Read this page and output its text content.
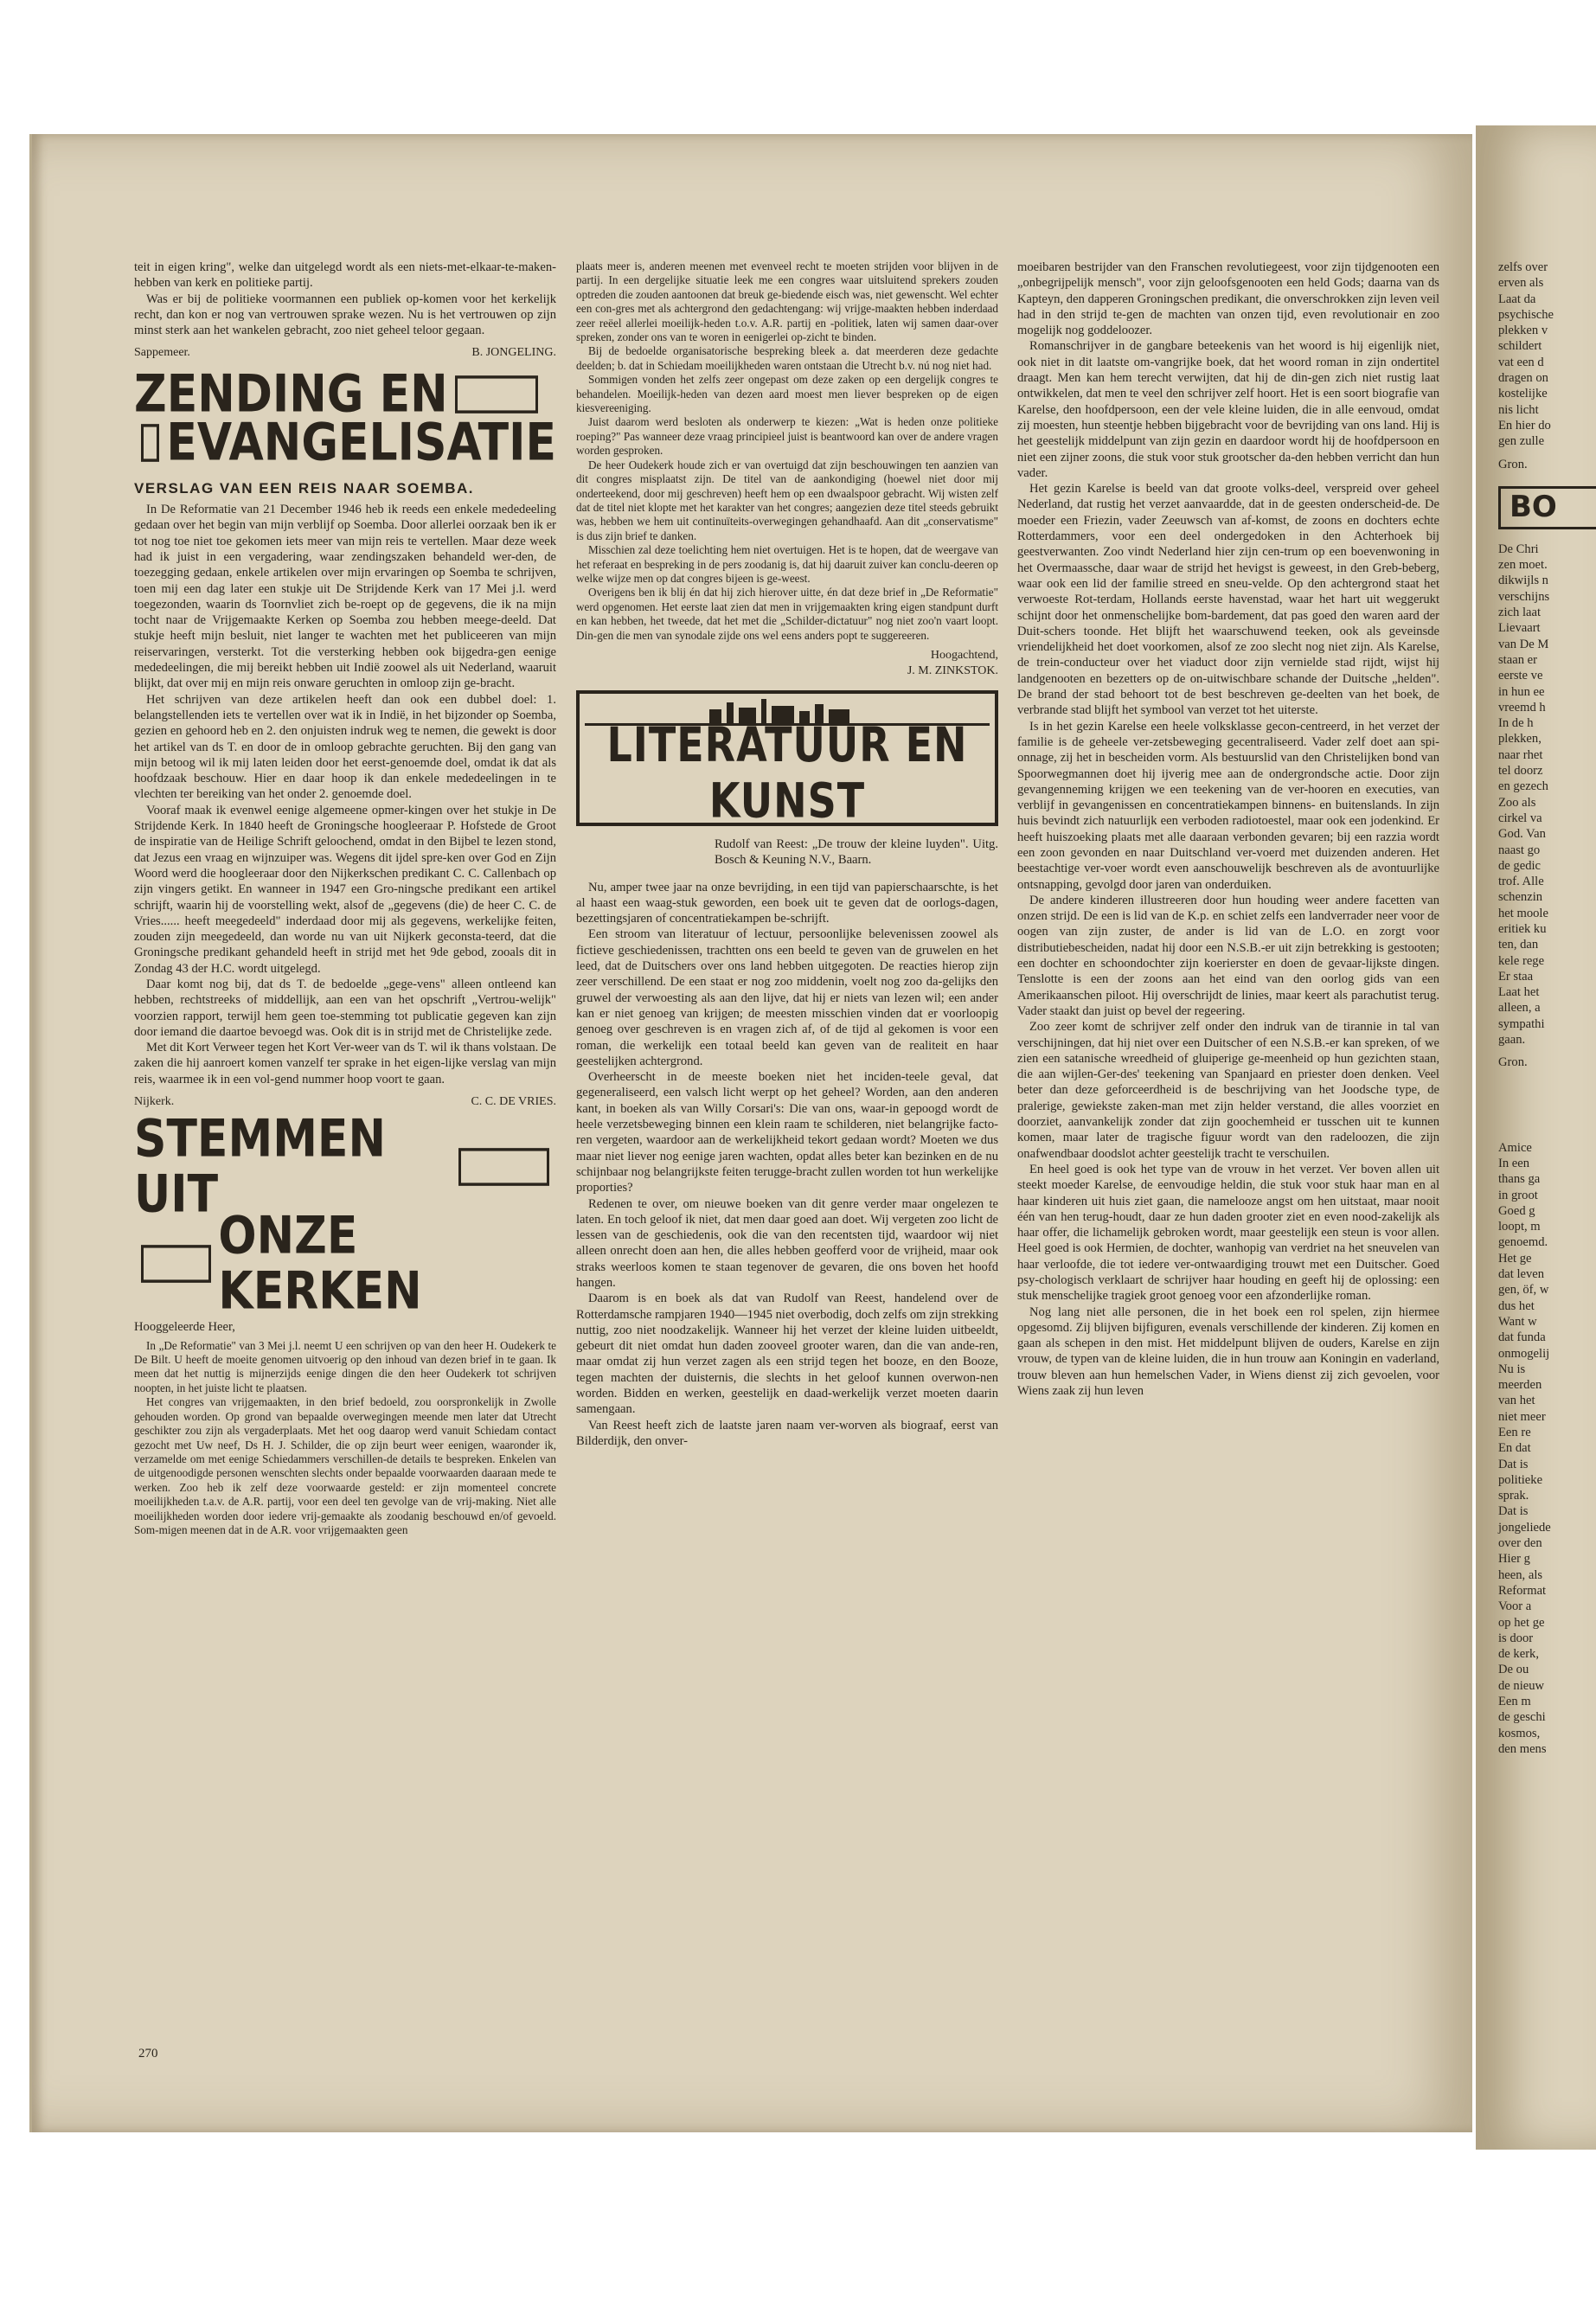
teit in eigen kring", welke dan uitgelegd wordt als een niets-met-elkaar-te-maken-hebben van kerk en politieke partij.

Was er bij de politieke voormannen een publiek op-komen voor het kerkelijk recht, dan kon er nog van vertrouwen sprake wezen. Nu is het vertrouwen op zijn minst sterk aan het wankelen gebracht, zoo niet geheel teloor gegaan.

Sappemeer.	B. JONGELING.
ZENDING EN
EVANGELISATIE
VERSLAG VAN EEN REIS NAAR SOEMBA.

In De Reformatie van 21 December 1946 heb ik reeds een enkele mededeeling gedaan over het begin van mijn verblijf op Soemba. Door allerlei oorzaak ben ik er tot nog toe niet toe gekomen iets meer van mijn reis te vertellen. Maar deze week had ik juist in een vergadering, waar zendingszaken behandeld wer-den, de toezegging gedaan, enkele artikelen over mijn ervaringen op Soemba te schrijven, toen mij een dag later een stukje uit De Strijdende Kerk van 17 Mei j.l. werd toegezonden, waarin ds Toornvliet zich be-roept op de gegevens, die ik na mijn tocht naar de Vrijgemaakte Kerken op Soemba zou hebben meege-deeld. Dat stukje heeft mijn besluit, niet langer te wachten met het publiceeren van mijn reiservaringen, versterkt. Tot die versterking hebben ook bijgedra-gen eenige mededeelingen, die mij bereikt hebben uit Indië zoowel als uit Nederland, waaruit blijkt, dat over mij en mijn reis onware geruchten in omloop zijn ge-bracht.

Het schrijven van deze artikelen heeft dan ook een dubbel doel: 1. belangstellenden iets te vertellen over wat ik in Indië, in het bijzonder op Soemba, gezien en gehoord heb en 2. den onjuisten indruk weg te nemen, die gewekt is door het artikel van ds T. en door de in omloop gebrachte geruchten. Bij den gang van mijn betoog wil ik mij laten leiden door het eerst-genoemde doel, omdat ik dat als hoofdzaak beschouw. Hier en daar hoop ik dan enkele mededeelingen in te vlechten ter bereiking van het onder 2. genoemde doel.

Vooraf maak ik evenwel eenige algemeene opmer-kingen over het stukje in De Strijdende Kerk. In 1840 heeft de Groningsche hoogleeraar P. Hofstede de Groot de inspiratie van de Heilige Schrift geloochend, omdat in den Bijbel te lezen stond, dat Jezus een vraag en wijnzuiper was. Wegens dit ijdel spre-ken over God en Zijn Woord werd die hoogleeraar door den Nijkerkschen predikant C. C. Callenbach op zijn vingers getikt. En wanneer in 1947 een Gro-ningsche predikant een artikel schrijft, waarin hij de voorstelling wekt, alsof de „gegevens (die) de heer C. C. de Vries...... heeft meegedeeld" inderdaad door mij als gegevens, werkelijke feiten, zouden zijn meegedeeld, dan worde nu van uit Nijkerk geconsta-teerd, dat die Groningsche predikant gehandeld heeft in strijd met het 9de gebod, zooals dit in Zondag 43 der H.C. wordt uitgelegd.

Daar komt nog bij, dat ds T. de bedoelde „gege-vens" alleen ontleend kan hebben, rechtstreeks of middellijk, aan een van het opschrift „Vertrou-welijk" voorzien rapport, terwijl hem geen toe-stemming tot publicatie gegeven kan zijn door iemand die daartoe bevoegd was. Ook dit is in strijd met de Christelijke zede.

Met dit Kort Verweer tegen het Kort Ver-weer van ds T. wil ik thans volstaan. De zaken die hij aanroert komen vanzelf ter sprake in het eigen-lijke verslag van mijn reis, waarmee ik in een vol-gend nummer hoop voort te gaan.

Nijkerk.	C. C. DE VRIES.
STEMMEN UIT
ONZE KERKEN

Hooggeleerde Heer,

In „De Reformatie" van 3 Mei j.l. neemt U een schrijven op van den heer H. Oudekerk te De Bilt. U heeft de moeite genomen uitvoerig op den inhoud van dezen brief in te gaan. Ik meen dat het nuttig is mijnerzijds eenige dingen die den heer Oudekerk tot schrijven noopten, in het juiste licht te plaatsen.

Het congres van vrijgemaakten, in den brief bedoeld, zou oorspronkelijk in Zwolle gehouden worden. Op grond van bepaalde overwegingen meende men later dat Utrecht geschikter zou zijn als vergaderplaats. Met het oog daarop werd vanuit Schiedam contact gezocht met Uw neef, Ds H. J. Schilder, die op zijn beurt weer eenigen, waaronder ik, verzamelde om met eenige Schiedammers verschillen-de details te bespreken. Enkelen van de uitgenoodigde personen wenschten slechts onder bepaalde voorwaarden daaraan mede te werken. Zoo heb ik zelf deze voorwaarde gesteld: er zijn momenteel concrete moeilijkheden t.a.v. de A.R. partij, voor een deel ten gevolge van de vrij-making. Niet alle moeilijkheden worden door iedere vrij-gemaakte als zoodanig beschouwd en/of gevoeld. Som-migen meenen dat in de A.R. voor vrijgemaakten geen

plaats meer is, anderen meenen met evenveel recht te moeten strijden voor blijven in de partij. In een dergelijke situatie leek me een congres waar uitsluitend sprekers zouden optreden die zouden aantoonen dat breuk ge-biedende eisch was, niet gewenscht. Wel echter een con-gres met als achtergrond den gedachtengang: wij vrijge-maakten hebben inderdaad zeer reëel allerlei moeilijk-heden t.o.v. A.R. partij en -politiek, laten wij samen daar-over spreken, zonder ons van te woren in eenigerlei op-zicht te binden.

Bij de bedoelde organisatorische bespreking bleek a. dat meerderen deze gedachte deelden; b. dat in Schiedam moeilijkheden waren ontstaan die Utrecht b.v. nú nog niet had.

Sommigen vonden het zelfs zeer ongepast om deze zaken op een dergelijk congres te behandelen. Moeilijk-heden van dezen aard moest men liever bespreken op de eigen kiesvereeniging.

Juist daarom werd besloten als onderwerp te kiezen: „Wat is heden onze politieke roeping?" Pas wanneer deze vraag principieel juist is beantwoord kan over de andere vragen worden gesproken.

De heer Oudekerk houde zich er van overtuigd dat zijn beschouwingen ten aanzien van dit congres misplaatst zijn. De titel van de aankondiging (hoewel niet door mij onderteekend, door mij geschreven) heeft hem op een dwaalspoor gebracht. Wij wisten zelf dat de titel niet klopte met het karakter van het congres; aangezien deze titel steeds gebruikt was, hebben we hem uit continuïteits-overwegingen gehandhaafd. Aan dit „conservatisme" is dus zijn brief te danken.

Misschien zal deze toelichting hem niet overtuigen. Het is te hopen, dat de weergave van het referaat en bespreking in de pers zoodanig is, dat hij daaruit zuiver kan conclu-deeren op welke wijze men op dat congres bijeen is ge-weest.

Overigens ben ik blij én dat hij zich hierover uitte, én dat deze brief in „De Reformatie" werd opgenomen. Het eerste laat zien dat men in vrijgemaakten kring eigen standpunt durft en kan hebben, het tweede, dat het met die „Schilder-dictatuur" nog niet zoo'n vaart loopt. Din-gen die men van synodale zijde ons wel eens anders popt te suggereeren.

Hoogachtend,
J. M. ZINKSTOK.
LITERATUUR EN KUNST
Rudolf van Reest: „De trouw der kleine luyden". Uitg. Bosch & Keuning N.V., Baarn.

Nu, amper twee jaar na onze bevrijding, in een tijd van papierschaarschte, is het al haast een waag-stuk geworden, een boek uit te geven dat de oorlogs-dagen, bezettingsjaren of concentratiekampen be-schrijft.

Een stroom van literatuur of lectuur, persoonlijke belevenissen zoowel als fictieve geschiedenissen, trachtten ons een beeld te geven van de gruwelen en het leed, dat de Duitschers over ons land hebben uitgegoten. De reacties hierop zijn zeer verschillend. De een staat er nog zoo middenin, voelt nog zoo da-gelijks den gruwel der verwoesting als aan den lijve, dat hij er niets van lezen wil; een ander kan er niet genoeg van krijgen; de meesten misschien vinden dat er voorloopig genoeg over geschreven is en vragen zich af, of de tijd al gekomen is voor een roman, die werkelijk een totaal beeld kan geven van de realiteit en haar geestelijken achtergrond.

Overheerscht in de meeste boeken niet het inciden-teele geval, dat gegeneraliseerd, een valsch licht werpt op het geheel? Worden, aan den anderen kant, in boeken als van Willy Corsari's: Die van ons, waar-in gepoogd wordt de heele verzetsbeweging binnen een klein raam te schilderen, niet belangrijke facto-ren vergeten, waardoor aan de werkelijkheid tekort gedaan wordt? Moeten we dus maar niet liever nog eenige jaren wachten, opdat alles beter kan bezinken en de nu schijnbaar nog belangrijkste feiten terugge-bracht zullen worden tot hun werkelijke proporties?

Redenen te over, om nieuwe boeken van dit genre verder maar ongelezen te laten. En toch geloof ik niet, dat men daar goed aan doet. Wij vergeten zoo licht de lessen van de geschiedenis, ook die van den recentsten tijd, waardoor wij niet alleen onrecht doen aan hen, die alles hebben geofferd voor de vrijheid, maar ook straks weerloos komen te staan tegenover de gevaren, die ons boven het hoofd hangen.

Daarom is en boek als dat van Rudolf van Reest, handelend over de Rotterdamsche rampjaren 1940—1945 niet overbodig, doch zelfs om zijn strekking nuttig, zoo niet noodzakelijk. Wanneer hij het verzet der kleine luiden uitbeeldt, gebeurt dit niet omdat hun daden zooveel grooter waren, dan die van ande-ren, maar omdat zij hun verzet zagen als een strijd tegen het booze, en den Booze, tegen machten der duisternis, die slechts in het geloof kunnen overwon-nen worden. Bidden en werken, geestelijk en daad-werkelijk verzet moeten daarin samengaan.

Van Reest heeft zich de laatste jaren naam ver-worven als biograaf, eerst van Bilderdijk, den onver-

moeibaren bestrijder van den Franschen revolutiegeest, voor zijn tijdgenooten een „onbegrijpelijk mensch", voor zijn geloofsgenooten een held Gods; daarna van ds Kapteyn, den dapperen Groningschen predikant, die onverschrokken zijn leven veil had in den strijd te-gen de machten van onzen tijd, even revolutionair en zoo mogelijk nog goddeloozer.

Romanschrijver in de gangbare beteekenis van het woord is hij eigenlijk niet, ook niet in dit laatste om-vangrijke boek, dat het woord roman in zijn ondertitel draagt. Men kan hem terecht verwijten, dat hij de din-gen zich niet rustig laat ontwikkelen, dat men te veel den schrijver zelf hoort. Het is een soort biografie van Karelse, den hoofdpersoon, een der vele kleine luiden, die in alle eenvoud, omdat zij moesten, hun steentje hebben bijgebracht voor de bevrijding van ons land. Hij is het geestelijk middelpunt van zijn gezin en daardoor wordt hij de hoofdpersoon en niet een zijner zoons, die stuk voor stuk grootscher da-den hebben verricht dan hun vader.

Het gezin Karelse is beeld van dat groote volks-deel, verspreid over geheel Nederland, dat rustig het verzet aanvaardde, dat in de geesten onderscheid-de. De moeder een Friezin, vader Zeeuwsch van af-komst, de zoons en dochters echte Rotterdammers, voor een deel ondergedoken in den Achterhoek bij geestverwanten. Zoo vindt Nederland hier zijn cen-trum op een boevenwoning in het Overmaassche, daar waar de strijd het hevigst is geweest, in den Greb-beberg, waar ook een lid der familie streed en sneu-velde. Op den achtergrond staat het verwoeste Rot-terdam, Hollands eerste havenstad, waar het hart uit weggerukt schijnt door het onmenschelijke bom-bardement, dat pas goed den waren aard der Duit-schers toonde. Het blijft het waarschuwend teeken, ook als geveinsde vriendelijkheid het doet voorkomen, alsof ze zoo slecht nog niet zijn. Als Karelse, de trein-conducteur over het viaduct door zijn vernielde stad rijdt, wijst hij landgenooten en bezetters op de on-uitwischbare schande der Duitsche „helden". De brand der stad behoort tot de best beschreven ge-deelten van het boek, de verbrande stad blijft het symbool van verzet tot het uiterste.

Is in het gezin Karelse een heele volksklasse gecon-centreerd, in het verzet der familie is de geheele ver-zetsbeweging gecentraliseerd. Vader zelf doet aan spi-onnage, zij het in bescheiden vorm. Als bestuurslid van den Christelijken bond van Spoorwegmannen doet hij ijverig mee aan de ondergrondsche actie. Door zijn gevangenneming krijgen we een teekening van de ver-hooren en executies, van verblijf in gevangenissen en concentratiekampen binnens- en buitenslands. In zijn huis bevindt zich natuurlijk een verboden radiotoestel, maar ook een jodenkind. Er heeft huiszoeking plaats met alle daaraan verbonden gevaren; bij een razzia wordt een zoon gevonden en naar Duitschland ver-voerd met duizenden anderen. Het beestachtige ver-voer wordt even aanschouwelijk beschreven als de avontuurlijke ontsnapping, gevolgd door jaren van onderduiken.

De andere kinderen illustreeren door hun houding weer andere facetten van onzen strijd. De een is lid van de K.p. en schiet zelfs een landverrader neer voor de oogen van zijn zuster, de ander is lid van de L.O. en zorgt voor distributiebescheiden, nadat hij door een N.S.B.-er uit zijn betrekking is gestooten; een dochter en schoondochter zijn koerierster en doen de gevaar-lijkste dingen. Tenslotte is een der zoons aan het eind van den oorlog gids van een Amerikaanschen piloot. Hij overschrijdt de linies, maar keert als parachutist terug. Vader staakt dan juist op bevel der regeering.

Zoo zeer komt de schrijver zelf onder den indruk van de tirannie in tal van verschijningen, dat hij niet over een Duitscher of een N.S.B.-er kan spreken, of we zien een satanische wreedheid of gluiperige ge-meenheid op hun gezichten staan, die aan wijlen-Ger-des' teekening van Spanjaard en priester doen denken. Veel beter dan deze geforceerdheid is de beschrijving van het Joodsche type, de pralerige, gewiekste zaken-man met zijn helder verstand, die alles voorziet en doorziet, aanvankelijk zonder dat zijn goochemheid er tusschen uit te kunnen komen, maar later de tragische figuur wordt van den radeloozen, die zijn onafwendbaar doodslot achter geestelijk tracht te verschuilen.

En heel goed is ook het type van de vrouw in het verzet. Ver boven allen uit steekt moeder Karelse, de eenvoudige heldin, die stuk voor stuk haar man en al haar kinderen uit huis ziet gaan, die namelooze angst om hen uitstaat, maar nooit één van hen terug-houdt, daar ze hun daden grooter ziet en even nood-zakelijk als haar offer, die lichamelijk gebroken wordt, maar geestelijk een steun is voor allen. Heel goed is ook Hermien, de dochter, wanhopig van verdriet na het sneuvelen van haar verloofde, die tot iedere ver-ontwaardiging trouwt met een Duitscher. Goed psy-chologisch verklaart de schrijver haar houding en geeft hij de oplossing: een stuk menschelijke tragiek groot genoeg voor een afzonderlijke roman.

Nog lang niet alle personen, die in het boek een rol spelen, zijn hiermee opgesomd. Zij blijven bijfiguren, evenals verschillende der kinderen. Zij komen en gaan als schepen in den mist. Het middelpunt blijven de ouders, Karelse en zijn vrouw, de typen van de kleine luiden, die in hun trouw aan Koningin en vaderland, trouw bleven aan hun hemelschen Vader, in Wiens dienst zij zich gevoelen, voor Wiens zaak zij hun leven

zelfs over
erven als
Laat da
psychische
plekken v
schildert
vat een d
dragen on
kostelijke
nis licht
En hier do
gen zulle
Gron.
BO
De Chri
zen moet.
dikwijls n
verschijns
zich laat
Lievaart
van De M
staan er
eerste ve
in hun ee
vreemd h
In de h
plekken,
naar rhet
tel doorz
en gezech
Zoo als
cirkel va
God. Van
naast go
de gedic
trof. Alle
schenzin
het moole
eritiek ku
ten, dan
kele rege
Er staa
Laat het
alleen, a
sympathi
gaan.
Gron.
Amice
In een
thans ga
in groot
Goed g
loopt, m
genoemd.
Het ge
dat leven
gen, öf, w
dus het
Want w
dat funda
onmogelij
Nu is
meerden
van het
niet meer
Een re
En dat
Dat is
politieke
sprak.
Dat is
jongeliede
over den
Hier g
heen, als
Reformat
Voor a
op het ge
is door
de kerk,
De ou
de nieuw
Een m
de geschi
kosmos,
den mens
270
